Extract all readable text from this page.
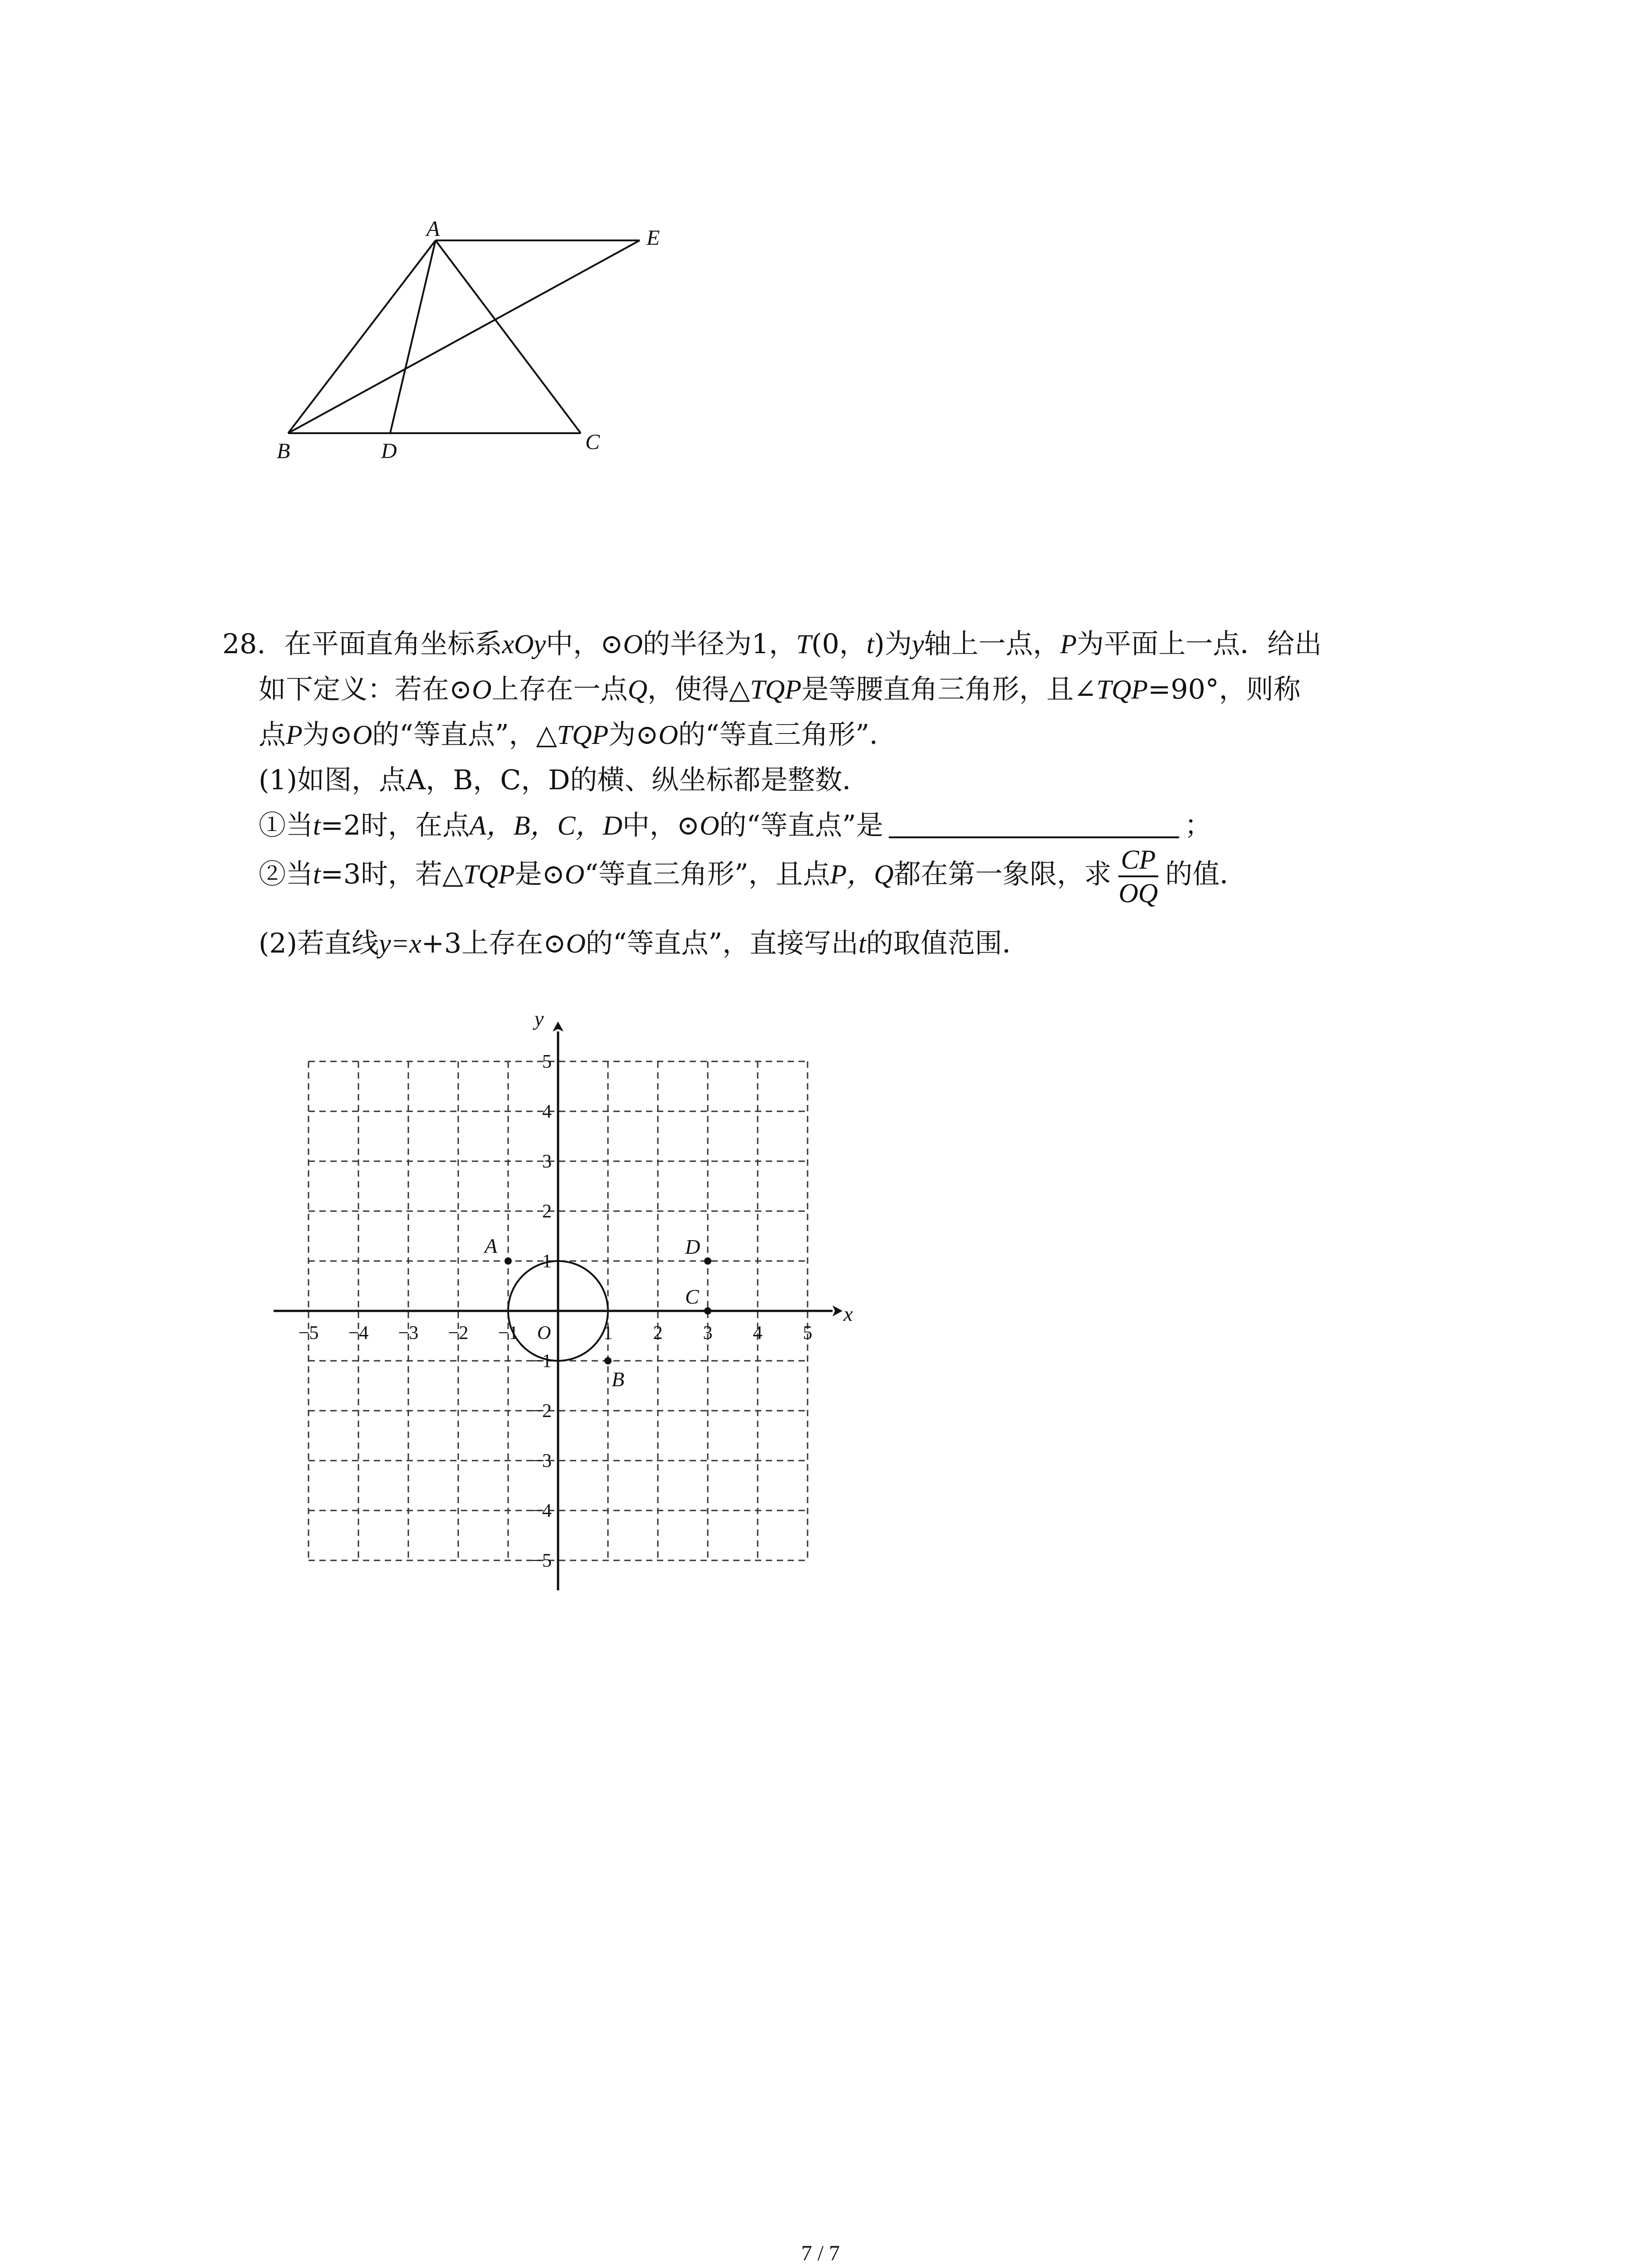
A	E
B	D	C
28. 在平面直角坐标系xOy中，⊙O的半径为1，T(0，t)为y轴上一点，P为平面上一点．给出
如下定义：若在⊙O上存在一点Q，使得△TQP是等腰直角三角形，且∠TQP=90°，则称
点P为⊙O的“等直点”，△TQP为⊙O的“等直三角形”．
(1)如图，点A，B，C，D的横、纵坐标都是整数．
①当t=2时，在点A，B，C，D中，⊙O的“等直点”是	；
②当t=3时，若△TQP是⊙O“等直三角形”，且点P，Q都在第一象限，求 $\frac{CP}{OQ}$ 的值．
(2)若直线y=x+3上存在⊙O的“等直点”，直接写出t的取值范围．
−5 −4 −3 −2 −1	1 2 3 4 5
5
4
3
2
1
−1
−2
−3
−4
−5
A
B
C
D
x
y
O
7 / 7
